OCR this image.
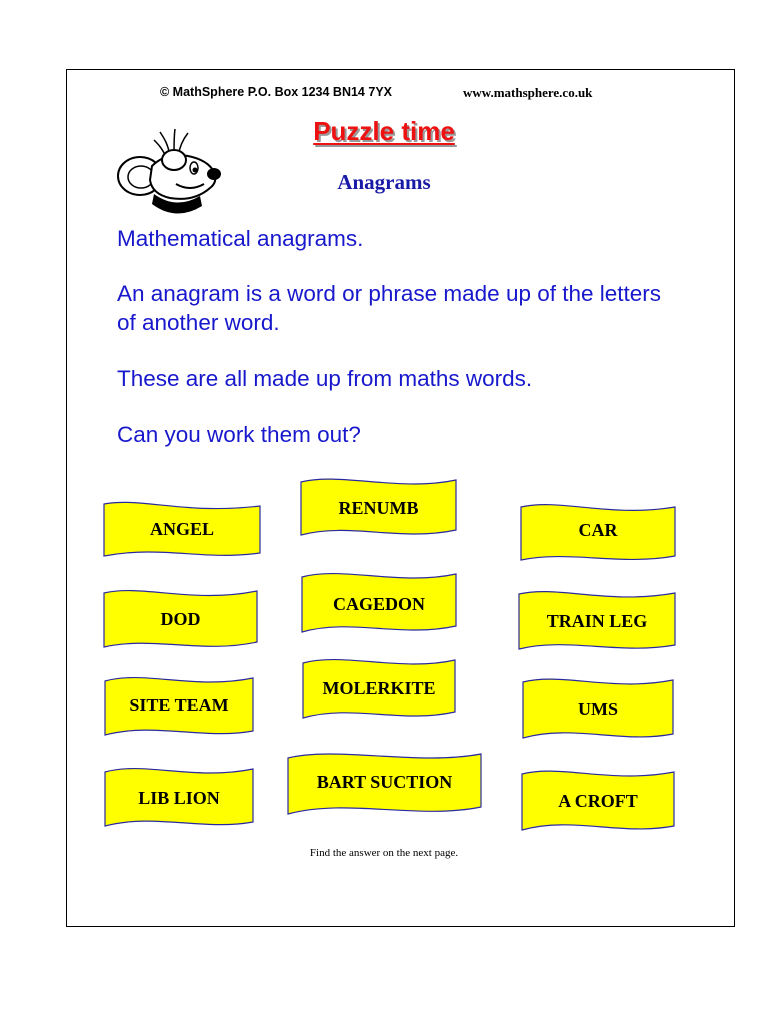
© MathSphere P.O. Box 1234 BN14 7YX	www.mathsphere.co.uk
Puzzle time
Anagrams
Mathematical anagrams.
An anagram is a word or phrase made up of the letters of another word.
These are all made up from maths words.
Can you work them out?
ANGEL
DOD
SITE TEAM
LIB LION
RENUMB
CAGEDON
MOLERKITE
BART SUCTION
CAR
TRAIN LEG
UMS
A CROFT
Find the answer on the next page.
